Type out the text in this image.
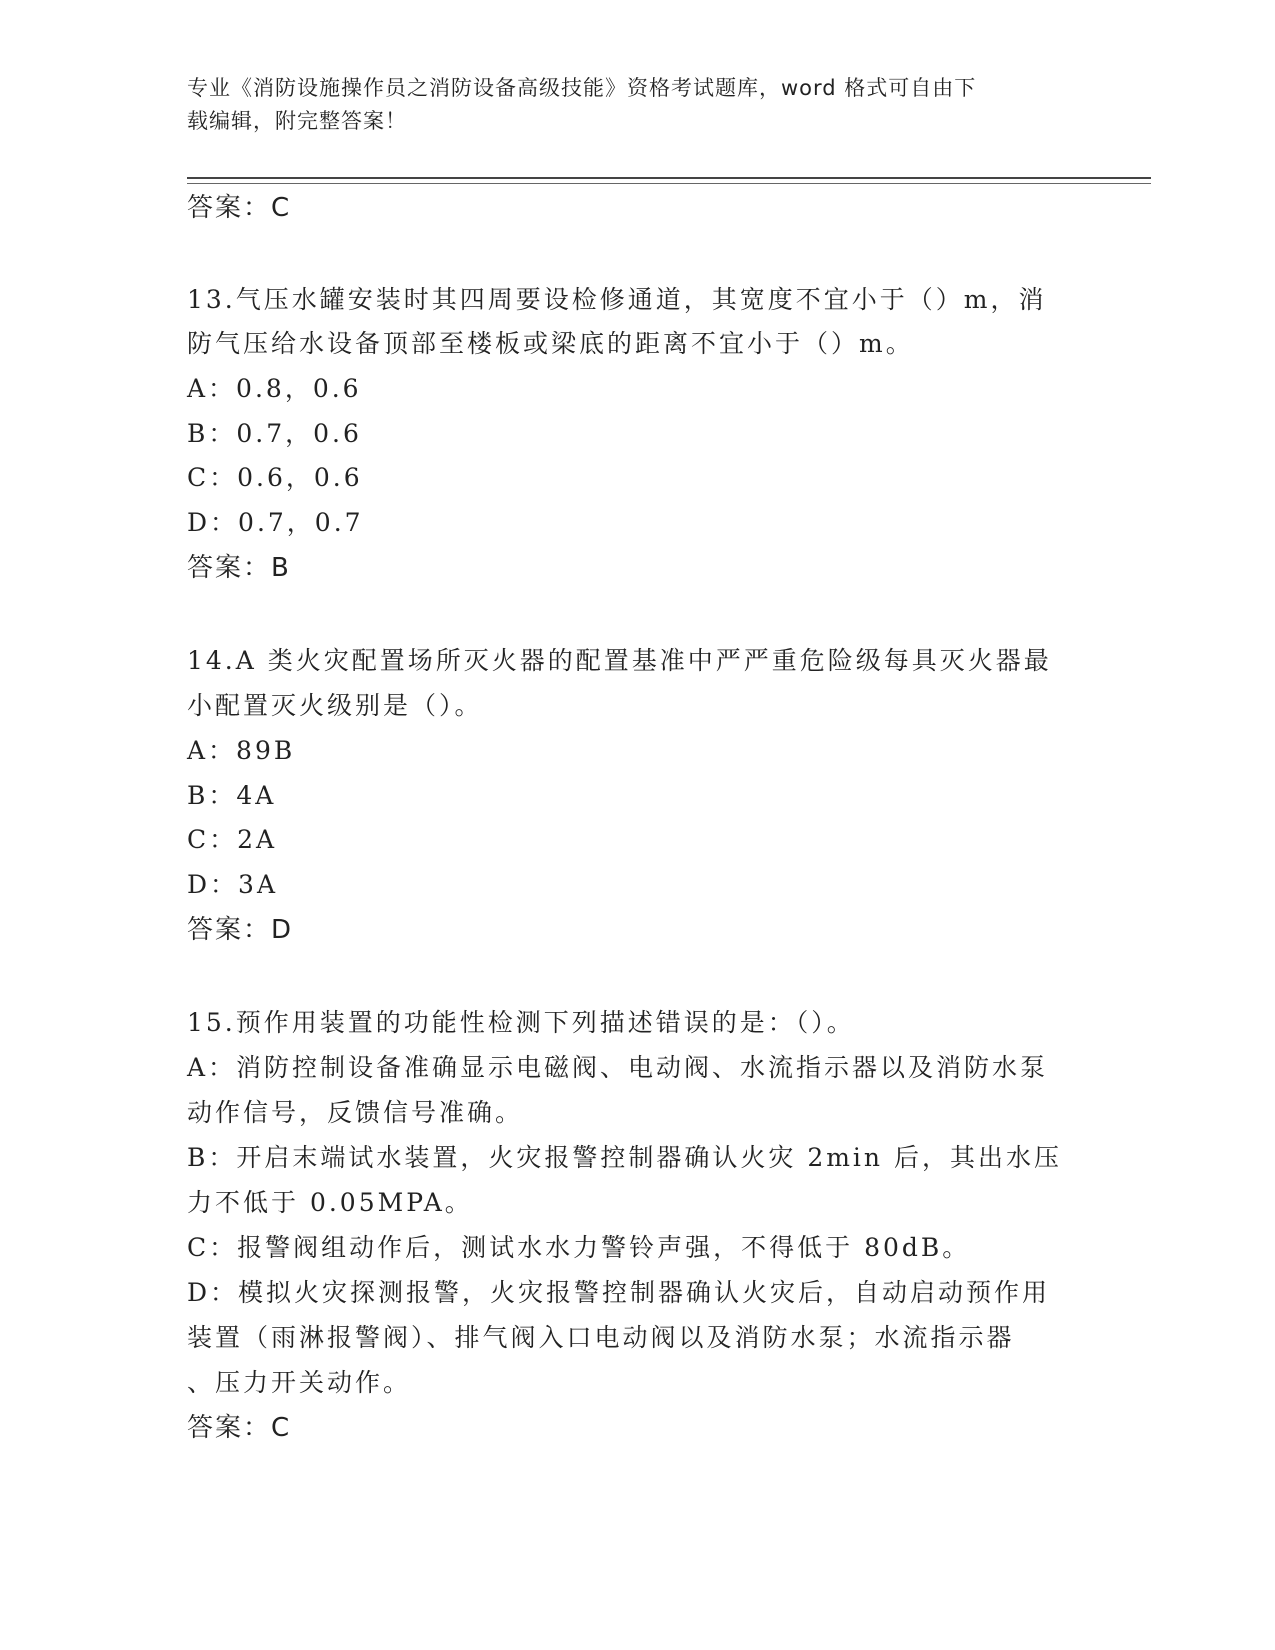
专业《消防设施操作员之消防设备高级技能》资格考试题库，word 格式可自由下
载编辑，附完整答案！
答案：C
13.气压水罐安装时其四周要设检修通道，其宽度不宜小于（）m，消
防气压给水设备顶部至楼板或梁底的距离不宜小于（）m。
A：0.8，0.6
B：0.7，0.6
C：0.6，0.6
D：0.7，0.7
答案：B
14.A 类火灾配置场所灭火器的配置基准中严严重危险级每具灭火器最
小配置灭火级别是（）。
A：89B
B：4A
C：2A
D：3A
答案：D
15.预作用装置的功能性检测下列描述错误的是：（）。
A：消防控制设备准确显示电磁阀、电动阀、水流指示器以及消防水泵
动作信号，反馈信号准确。
B：开启末端试水装置，火灾报警控制器确认火灾 2min 后，其出水压
力不低于 0.05MPA。
C：报警阀组动作后，测试水水力警铃声强，不得低于 80dB。
D：模拟火灾探测报警，火灾报警控制器确认火灾后，自动启动预作用
装置（雨淋报警阀）、排气阀入口电动阀以及消防水泵；水流指示器
、压力开关动作。
答案：C
